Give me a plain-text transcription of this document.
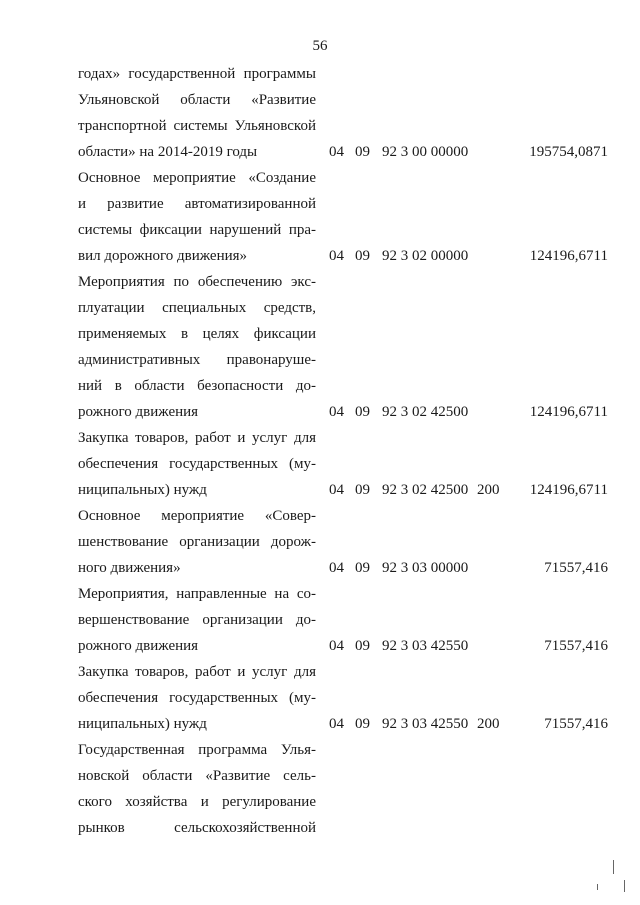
56
годах» государственной программы
Ульяновской области «Развитие
транспортной системы Ульяновской
области» на 2014-2019 годы	04 09 92 3 00 00000	195754,0871
Основное мероприятие «Создание
и развитие автоматизированной
системы фиксации нарушений пра-
вил дорожного движения»	04 09 92 3 02 00000	124196,6711
Мероприятия по обеспечению экс-
плуатации специальных средств,
применяемых в целях фиксации
административных правонаруше-
ний в области безопасности до-
рожного движения	04 09 92 3 02 42500	124196,6711
Закупка товаров, работ и услуг для
обеспечения государственных (му-
ниципальных) нужд	04 09 92 3 02 42500 200 124196,6711
Основное мероприятие «Совер-
шенствование организации дорож-
ного движения»	04 09 92 3 03 00000	71557,416
Мероприятия, направленные на со-
вершенствование организации до-
рожного движения	04 09 92 3 03 42550	71557,416
Закупка товаров, работ и услуг для
обеспечения государственных (му-
ниципальных) нужд	04 09 92 3 03 42550 200	71557,416
Государственная программа Улья-
новской области «Развитие сель-
ского хозяйства и регулирование
рынков сельскохозяйственной
